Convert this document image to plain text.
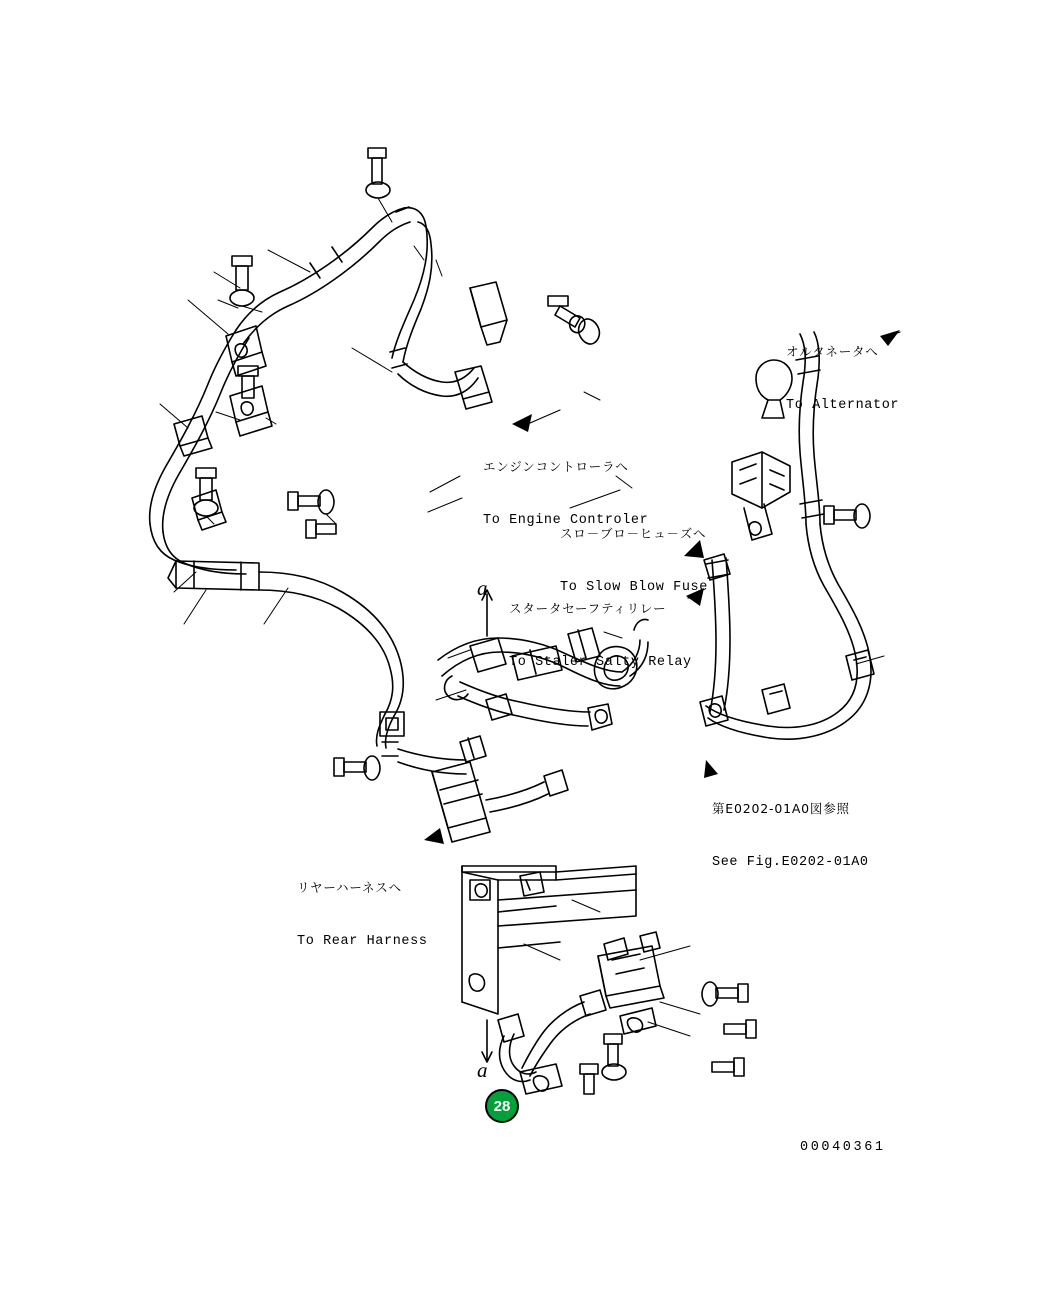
オルタネータへ

To Alternator

エンジンコントローラへ

To Engine Controler

スロ－ブロ－ヒュ－ズへ

To Slow Blow Fuse

スタータセーフティリレー

To Staler Salty Relay

第E0202-01A0図参照

See Fig.E0202-01A0

リヤーハーネスへ

To Rear Harness

a
a
28
00040361
